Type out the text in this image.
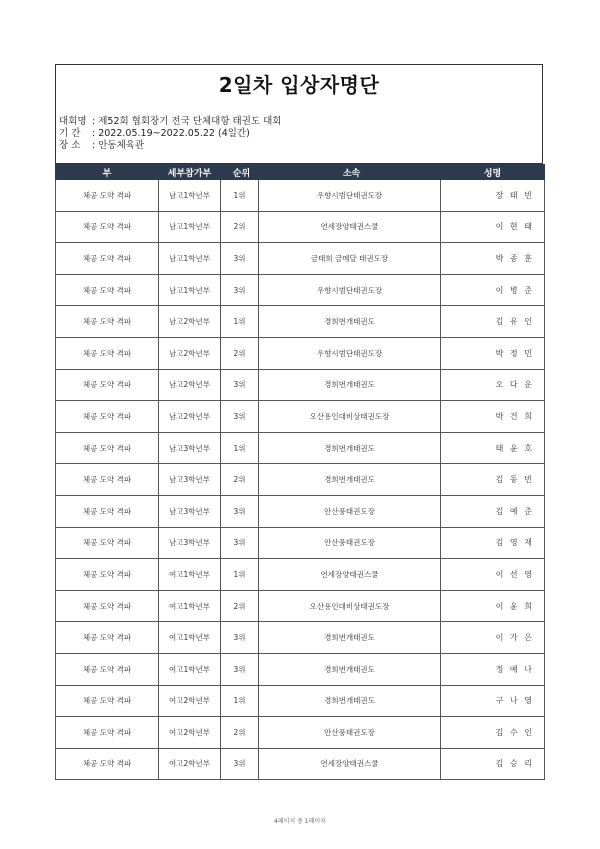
2일차 입상자명단
대회명 : 제52회 협회장기 전국 단체대항 태권도 대회
기 간 : 2022.05.19~2022.05.22 (4일간)
장 소 : 안동체육관
부	세부참가부	순위		소속	성명	
체공 도약 격파	남고1학년부	1위	우향시범단태권도장			장 태 빈
체공 도약 격파	남고1학년부	2위	연세장양태권스쿨			이 현 태
체공 도약 격파	남고1학년부	3위	금태희 금메달 태권도장			박 종 훈
체공 도약 격파	남고1학년부	3위	우향시범단태권도장			이 병 준
체공 도약 격파	남고2학년부	1위	경희번개태권도			김 유 인
체공 도약 격파	남고2학년부	2위	우향시범단태권도장			박 정 민
체공 도약 격파	남고2학년부	3위	경희번개태권도			오 다 운
체공 도약 격파	남고2학년부	3위	오산용인대비상태권도장			박 건 희
체공 도약 격파	남고3학년부	1위	경희번개태권도			태 윤 호
체공 도약 격파	남고3학년부	2위	경희번개태권도			김 동 빈
체공 도약 격파	남고3학년부	3위	안산풍태권도장			김 예 준
체공 도약 격파	남고3학년부	3위	안산풍태권도장			김 영 재
체공 도약 격파	여고1학년부	1위	연세장양태권스쿨			이 선 영
체공 도약 격파	여고1학년부	2위	오산용인대비상태권도장			이 윤 희
체공 도약 격파	여고1학년부	3위	경희번개태권도			이 가 은
체공 도약 격파	여고1학년부	3위	경희번개태권도			정 예 나
체공 도약 격파	여고2학년부	1위	경희번개태권도			구 나 영
체공 도약 격파	여고2학년부	2위	안산풍태권도장			김 수 인
체공 도약 격파	여고2학년부	3위	연세장양태권스쿨			김 승 리
4페이지 중 1페이지
